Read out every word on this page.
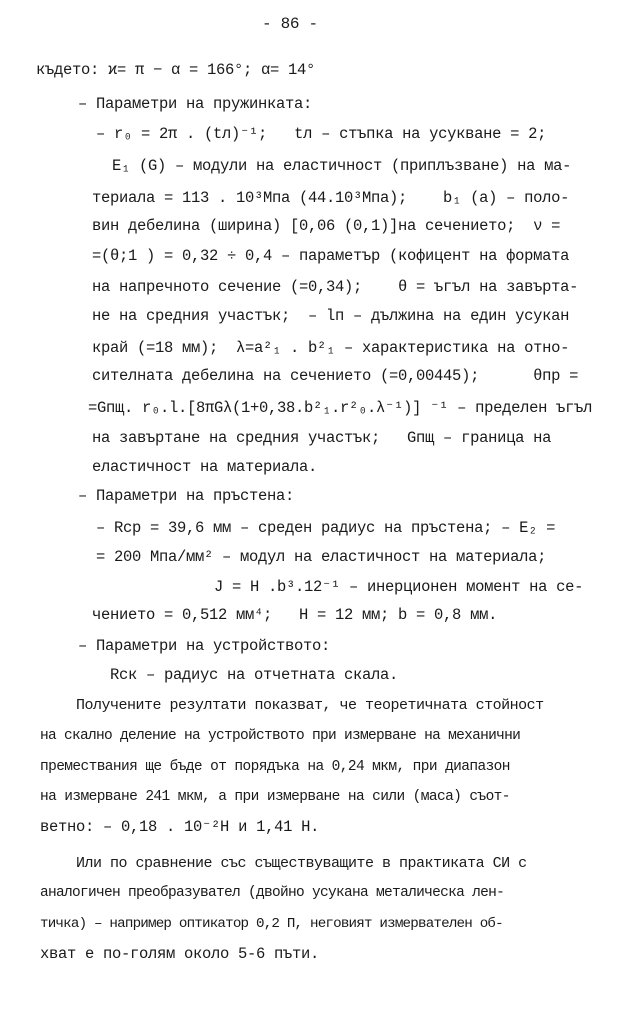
- 86 -
където: ϰ= π − α = 166°; α= 14°
– Параметри на пружинката:
– r₀ = 2π . (tл)⁻¹;   tл – стъпка на усукване = 2;
E₁ (G) – модули на еластичност (приплъзване) на ма-
териала = 113 . 10³Мпа (44.10³Мпа);    b₁ (a) – поло-
вин дебелина (ширина) [0,06 (0,1)]на сечението;  ν =
=(θ;1 ) = 0,32 ÷ 0,4 – параметър (кофицент на формата
на напречното сечение (=0,34);    θ = ъгъл на завърта-
не на средния участък;  – lп – дължина на един усукан
край (=18 мм);  λ=a²₁ . b²₁ – характеристика на отно-
сителната дебелина на сечението (=0,00445);      θпр =
=Gпщ. r₀.l.[8πGλ(1+0,38.b²₁.r²₀.λ⁻¹)] ⁻¹ – пределен ъгъл
на завъртане на средния участък;   Gпщ – граница на
еластичност на материала.
– Параметри на пръстена:
– Rср = 39,6 мм – среден радиус на пръстена; – E₂ =
= 200 Мпа/мм² – модул на еластичност на материала;
J = H .b³.12⁻¹ – инерционен момент на се-
чението = 0,512 мм⁴;   H = 12 мм; b = 0,8 мм.
– Параметри на устройството:
Rск – радиус на отчетната скала.
Получените резултати показват, че теоретичната стойност
на скално деление на устройството при измерване на механични
премествания ще бъде от порядъка на 0,24 мкм, при диапазон
на измерване 241 мкм, а при измерване на сили (маса) съот-
ветно: – 0,18 . 10⁻²Н и 1,41 Н.
Или по сравнение със съществуващите в практиката СИ с
аналогичен преобразувател (двойно усукана металическа лен-
тичка) – например оптикатор 0,2 П, неговият измервателен об-
хват е по-голям около 5-6 пъти.
